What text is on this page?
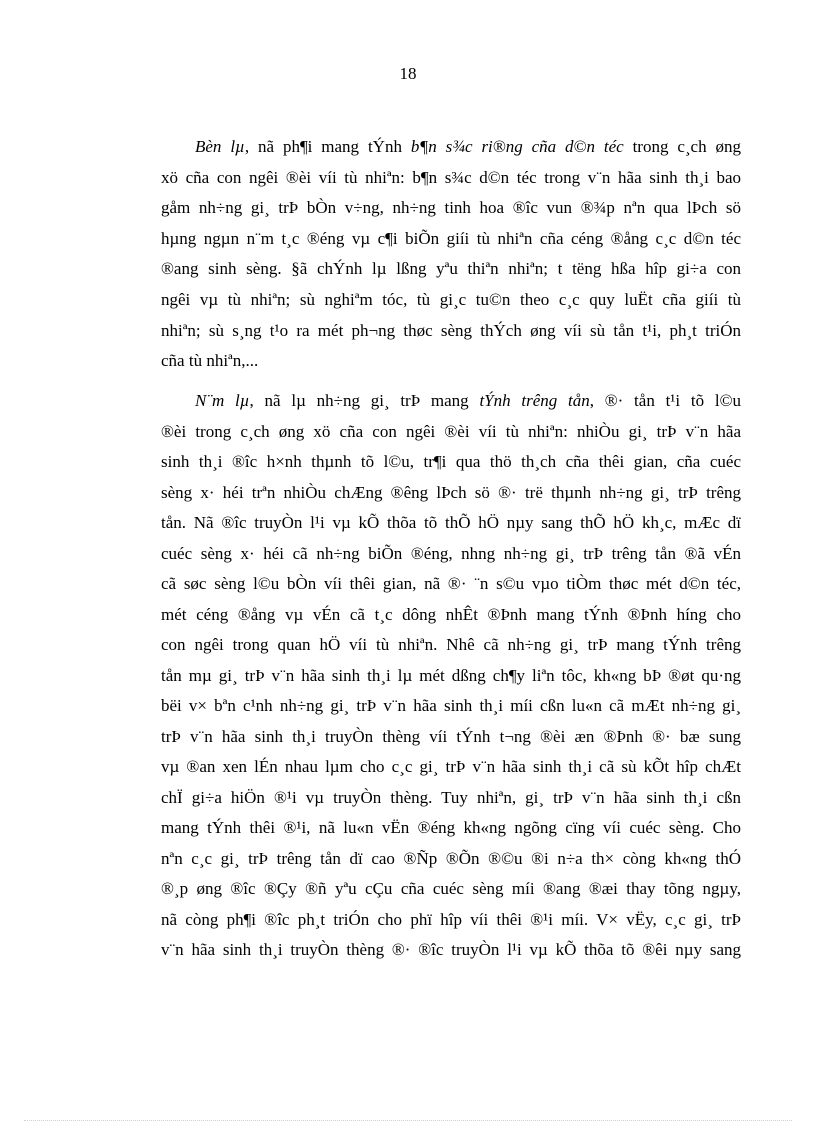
18
Bèn lµ, nã ph¶i mang tÝnh b¶n s¾c ri®ng cña d©n téc trong c¸ch øng
xö cña con ngêi ®èi víi tù nhiªn: b¶n s¾c d©n téc trong v¨n hãa sinh th¸i bao
gåm nh÷ng gi¸ trÞ bÒn v÷ng, nh÷ng tinh hoa ®îc vun ®¾p nªn qua lÞch sö
hµng ngµn n¨m t¸c ®éng vµ c¶i biÕn giíi tù nhiªn cña céng ®ång c¸c d©n téc
®ang sinh sèng. §ã chÝnh lµ lßng yªu thiªn nhiªn; t tëng hßa hîp gi÷a con
ngêi vµ tù nhiªn; sù nghiªm tóc, tù gi¸c tu©n theo c¸c quy luËt cña giíi tù
nhiªn; sù s¸ng t¹o ra mét ph¬ng thøc sèng thÝch øng víi sù tån t¹i, ph¸t triÓn
cña tù nhiªn,...
N¨m lµ, nã lµ nh÷ng gi¸ trÞ mang tÝnh trêng tån, ®· tån t¹i tõ l©u
®èi trong c¸ch øng xö cña con ngêi ®èi víi tù nhiªn: nhiÒu gi¸ trÞ v¨n hãa
sinh th¸i ®îc h×nh thµnh tõ l©u, tr¶i qua thö th¸ch cña thêi gian, cña cuéc
sèng x· héi trªn nhiÒu chÆng ®êng lÞch sö ®· trë thµnh nh÷ng gi¸ trÞ trêng
tån. Nã ®îc truyÒn l¹i vµ kÕ thõa tõ thÕ hÖ nµy sang thÕ hÖ kh¸c, mÆc dï
cuéc sèng x· héi cã nh÷ng biÕn ®éng, nhng nh÷ng gi¸ trÞ trêng tån ®ã vÉn
cã søc sèng l©u bÒn víi thêi gian, nã ®· ¨n s©u vµo tiÒm thøc mét d©n téc,
mét céng ®ång vµ vÉn cã t¸c dông nhÊt ®Þnh mang tÝnh ®Þnh híng cho
con ngêi trong quan hÖ víi tù nhiªn. Nhê cã nh÷ng gi¸ trÞ mang tÝnh trêng
tån mµ gi¸ trÞ v¨n hãa sinh th¸i lµ mét dßng ch¶y liªn tôc, kh«ng bÞ ®øt qu·ng
bëi v× bªn c¹nh nh÷ng gi¸ trÞ v¨n hãa sinh th¸i míi cßn lu«n cã mÆt nh÷ng gi¸
trÞ v¨n hãa sinh th¸i truyÒn thèng víi tÝnh t¬ng ®èi æn ®Þnh ®· bæ sung
vµ ®an xen lÉn nhau lµm cho c¸c gi¸ trÞ v¨n hãa sinh th¸i cã sù kÕt hîp chÆt
chÏ gi÷a hiÖn ®¹i vµ truyÒn thèng. Tuy nhiªn, gi¸ trÞ v¨n hãa sinh th¸i cßn
mang tÝnh thêi ®¹i, nã lu«n vËn ®éng kh«ng ngõng cïng víi cuéc sèng. Cho
nªn c¸c gi¸ trÞ trêng tån dï cao ®Ñp ®Õn ®©u ®i n÷a th× còng kh«ng thÓ
®¸p øng ®îc ®Çy ®ñ yªu cÇu cña cuéc sèng míi ®ang ®æi thay tõng ngµy,
nã còng ph¶i ®îc ph¸t triÓn cho phï hîp víi thêi ®¹i míi. V× vËy, c¸c gi¸ trÞ
v¨n hãa sinh th¸i truyÒn thèng ®· ®îc truyÒn l¹i vµ kÕ thõa tõ ®êi nµy sang
